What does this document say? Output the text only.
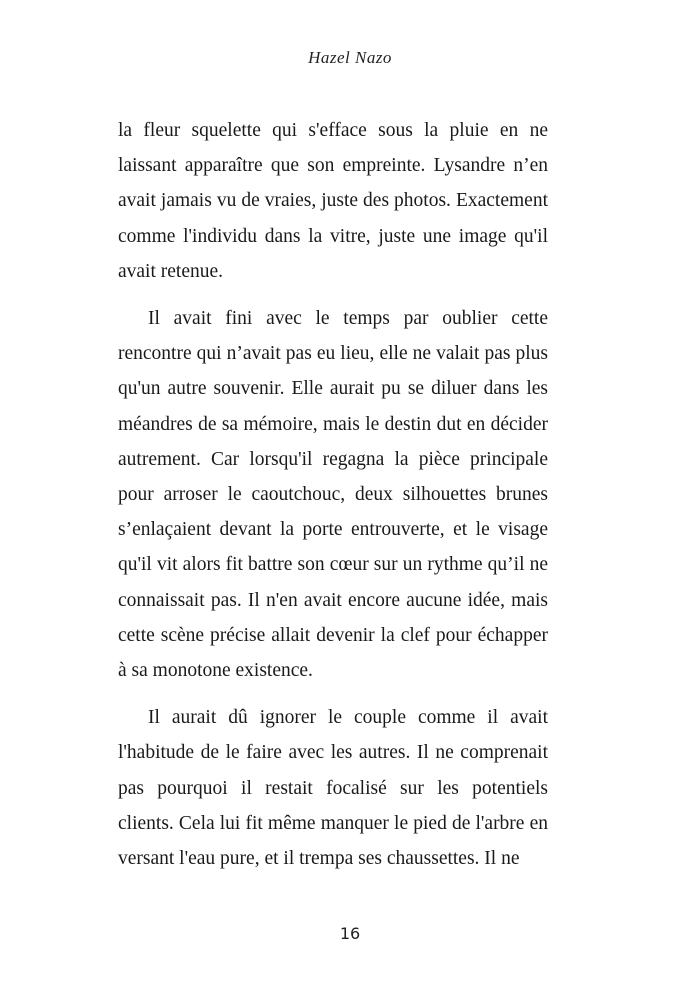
Hazel Nazo

la fleur squelette qui s'efface sous la pluie en ne laissant apparaître que son empreinte. Lysandre n’en avait jamais vu de vraies, juste des photos. Exactement comme l'individu dans la vitre, juste une image qu'il avait retenue.

Il avait fini avec le temps par oublier cette rencontre qui n’avait pas eu lieu, elle ne valait pas plus qu'un autre souvenir. Elle aurait pu se diluer dans les méandres de sa mémoire, mais le destin dut en décider autrement. Car lorsqu'il regagna la pièce principale pour arroser le caoutchouc, deux silhouettes brunes s’enlaçaient devant la porte entrouverte, et le visage qu'il vit alors fit battre son cœur sur un rythme qu’il ne connaissait pas. Il n'en avait encore aucune idée, mais cette scène précise allait devenir la clef pour échapper à sa monotone existence.

Il aurait dû ignorer le couple comme il avait l'habitude de le faire avec les autres. Il ne comprenait pas pourquoi il restait focalisé sur les potentiels clients. Cela lui fit même manquer le pied de l'arbre en versant l'eau pure, et il trempa ses chaussettes. Il ne

16
